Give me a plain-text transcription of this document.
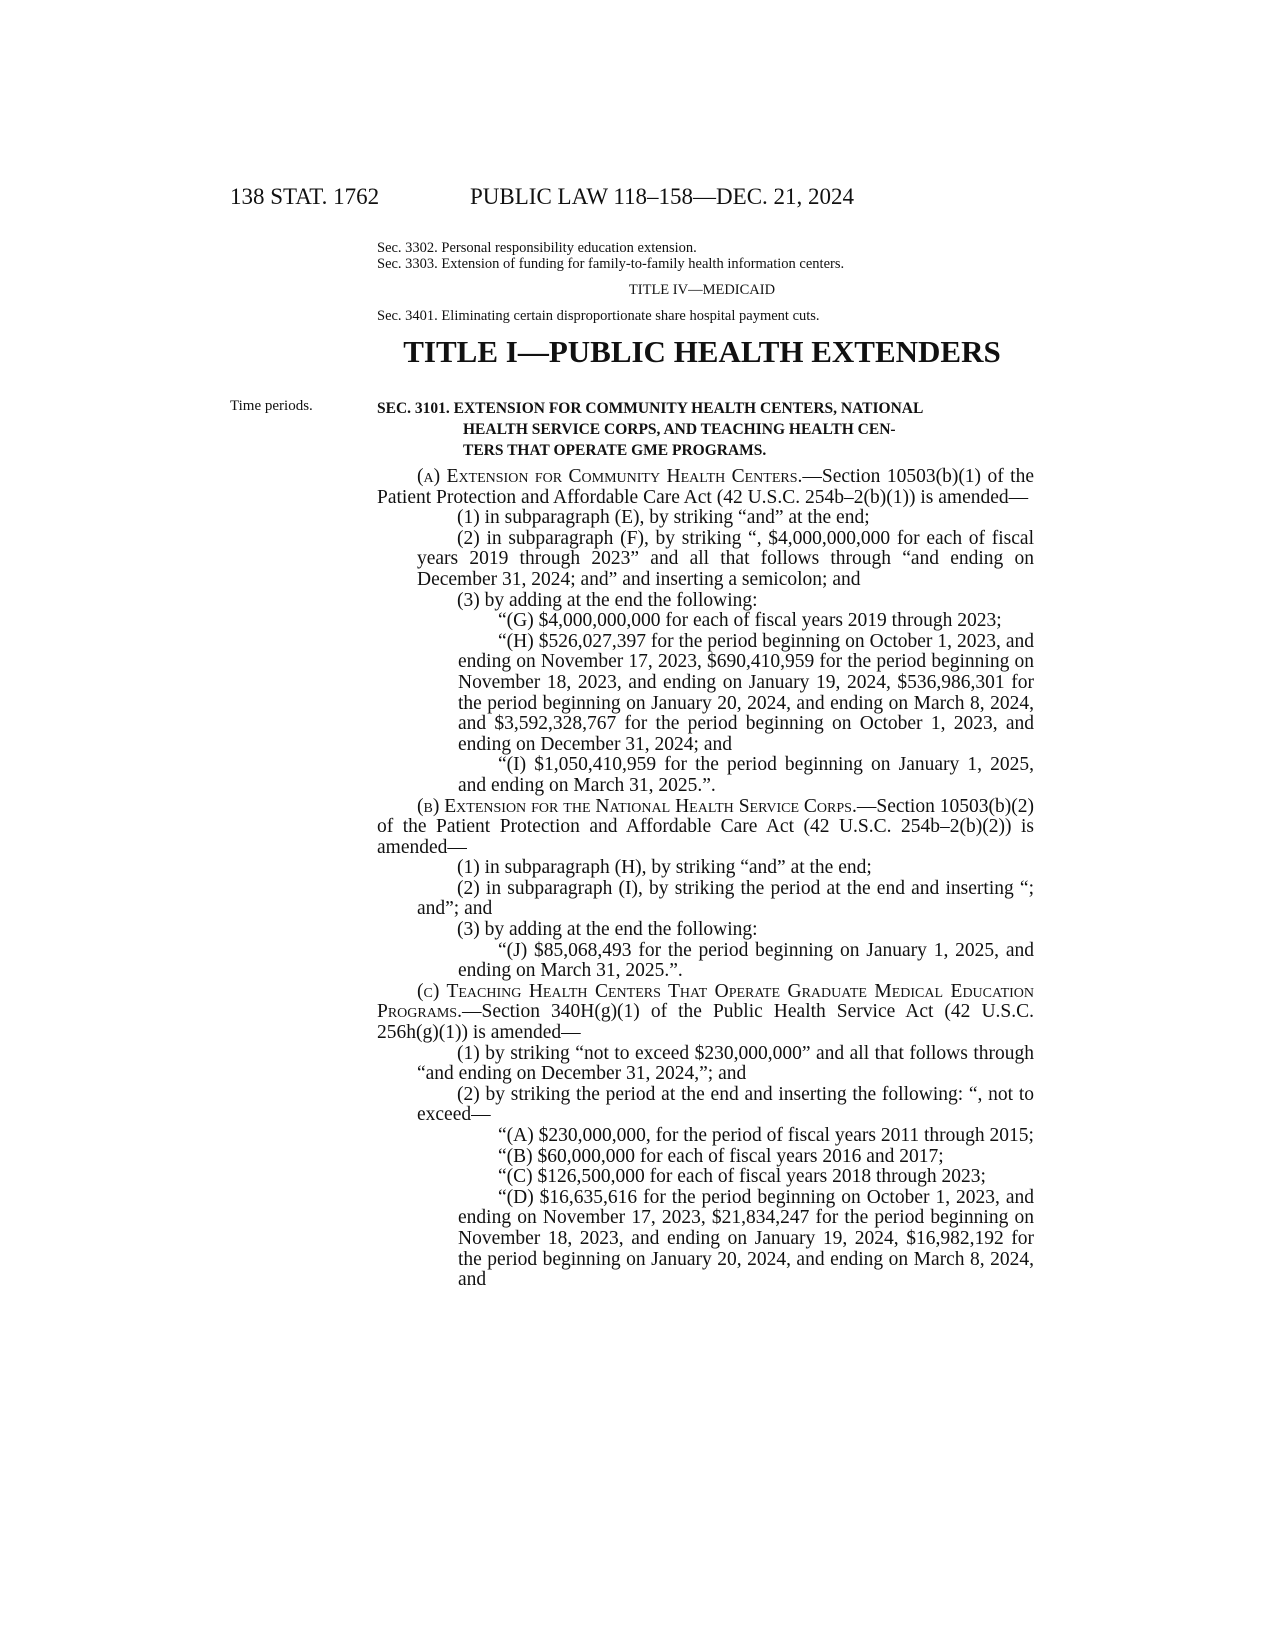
138 STAT. 1762	PUBLIC LAW 118–158—DEC. 21, 2024
Sec. 3302. Personal responsibility education extension.
Sec. 3303. Extension of funding for family-to-family health information centers.
TITLE IV—MEDICAID
Sec. 3401. Eliminating certain disproportionate share hospital payment cuts.
TITLE I—PUBLIC HEALTH EXTENDERS
Time periods.	SEC. 3101. EXTENSION FOR COMMUNITY HEALTH CENTERS, NATIONAL
HEALTH SERVICE CORPS, AND TEACHING HEALTH CEN-
TERS THAT OPERATE GME PROGRAMS.

(a) Extension for Community Health Centers.—Section 10503(b)(1) of the Patient Protection and Affordable Care Act (42 U.S.C. 254b–2(b)(1)) is amended—

(1) in subparagraph (E), by striking “and” at the end;

(2) in subparagraph (F), by striking “, $4,000,000,000 for each of fiscal years 2019 through 2023” and all that follows through “and ending on December 31, 2024; and” and inserting a semicolon; and

(3) by adding at the end the following:

“(G) $4,000,000,000 for each of fiscal years 2019 through 2023;

“(H) $526,027,397 for the period beginning on October 1, 2023, and ending on November 17, 2023, $690,410,959 for the period beginning on November 18, 2023, and ending on January 19, 2024, $536,986,301 for the period beginning on January 20, 2024, and ending on March 8, 2024, and $3,592,328,767 for the period beginning on October 1, 2023, and ending on December 31, 2024; and

“(I) $1,050,410,959 for the period beginning on January 1, 2025, and ending on March 31, 2025.”.

(b) Extension for the National Health Service Corps.—Section 10503(b)(2) of the Patient Protection and Affordable Care Act (42 U.S.C. 254b–2(b)(2)) is amended—

(1) in subparagraph (H), by striking “and” at the end;

(2) in subparagraph (I), by striking the period at the end and inserting “; and”; and

(3) by adding at the end the following:

“(J) $85,068,493 for the period beginning on January 1, 2025, and ending on March 31, 2025.”.

(c) Teaching Health Centers That Operate Graduate Medical Education Programs.—Section 340H(g)(1) of the Public Health Service Act (42 U.S.C. 256h(g)(1)) is amended—

(1) by striking “not to exceed $230,000,000” and all that follows through “and ending on December 31, 2024,”; and

(2) by striking the period at the end and inserting the following: “, not to exceed—

“(A) $230,000,000, for the period of fiscal years 2011 through 2015;

“(B) $60,000,000 for each of fiscal years 2016 and 2017;

“(C) $126,500,000 for each of fiscal years 2018 through 2023;

“(D) $16,635,616 for the period beginning on October 1, 2023, and ending on November 17, 2023, $21,834,247 for the period beginning on November 18, 2023, and ending on January 19, 2024, $16,982,192 for the period beginning on January 20, 2024, and ending on March 8, 2024, and
